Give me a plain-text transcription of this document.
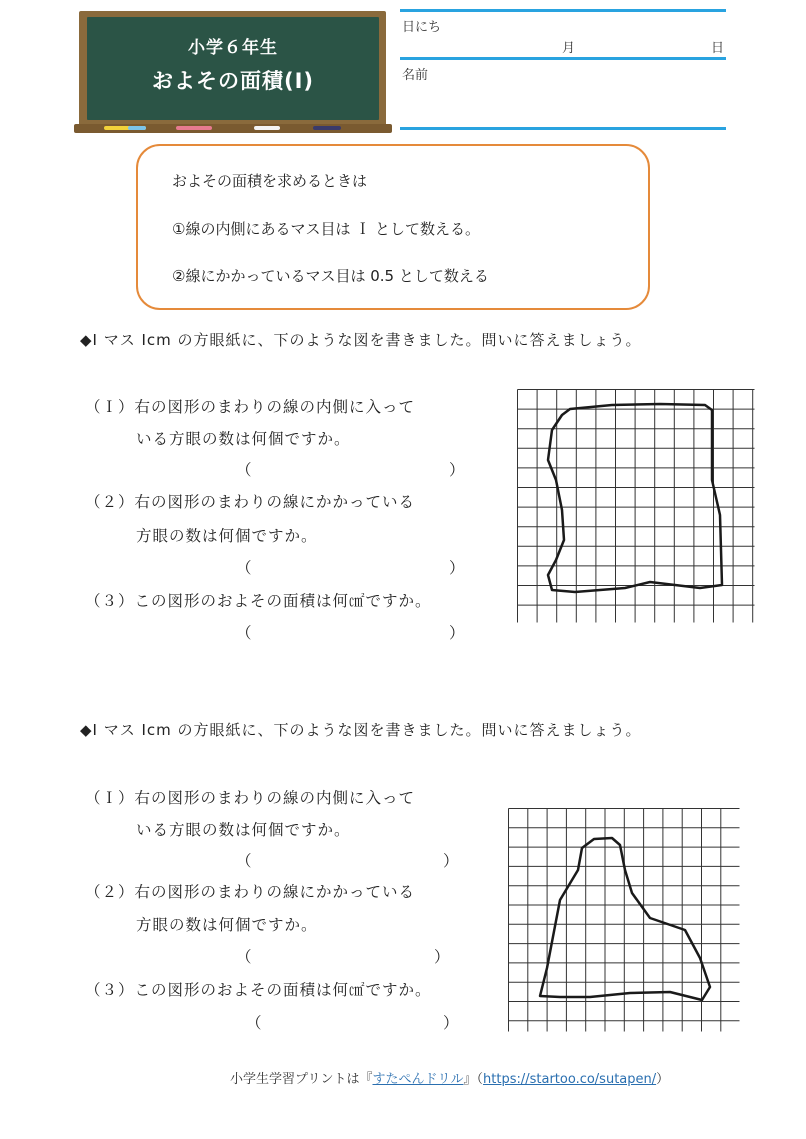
小学６年生
およその面積(I)
日にち
月	日
名前
およその面積を求めるときは
①線の内側にあるマス目は Ｉ として数える。
②線にかかっているマス目は 0.5 として数える
◆I マス Icm の方眼紙に、下のような図を書きました。問いに答えましょう。
（Ｉ）右の図形のまわりの線の内側に入って
いる方眼の数は何個ですか。
（	）
（２）右の図形のまわりの線にかかっている
方眼の数は何個ですか。
（	）
（３）この図形のおよその面積は何㎠ですか。
（	）
◆I マス Icm の方眼紙に、下のような図を書きました。問いに答えましょう。
（Ｉ）右の図形のまわりの線の内側に入って
いる方眼の数は何個ですか。
（	）
（２）右の図形のまわりの線にかかっている
方眼の数は何個ですか。
（	）
（３）この図形のおよその面積は何㎠ですか。
（	）
小学生学習プリントは『すたぺんドリル』（https://startoo.co/sutapen/）
